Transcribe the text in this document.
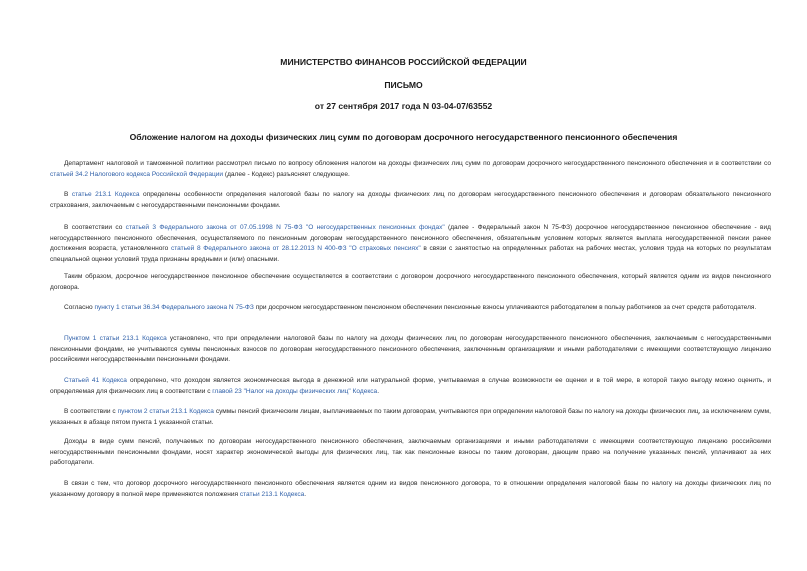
МИНИСТЕРСТВО ФИНАНСОВ РОССИЙСКОЙ ФЕДЕРАЦИИ
ПИСЬМО
от 27 сентября 2017 года N 03-04-07/63552
Обложение налогом на доходы физических лиц сумм по договорам досрочного негосударственного пенсионного обеспечения

Департамент налоговой и таможенной политики рассмотрел письмо по вопросу обложения налогом на доходы физических лиц сумм по договорам досрочного негосударственного пенсионного обеспечения и в соответствии со статьей 34.2 Налогового кодекса Российской Федерации (далее - Кодекс) разъясняет следующее.

В статье 213.1 Кодекса определены особенности определения налоговой базы по налогу на доходы физических лиц по договорам негосударственного пенсионного обеспечения и договорам обязательного пенсионного страхования, заключаемым с негосударственными пенсионными фондами.

В соответствии со статьей 3 Федерального закона от 07.05.1998 N 75-ФЗ "О негосударственных пенсионных фондах" (далее - Федеральный закон N 75-ФЗ) досрочное негосударственное пенсионное обеспечение - вид негосударственного пенсионного обеспечения, осуществляемого по пенсионным договорам негосударственного пенсионного обеспечения, обязательным условием которых является выплата негосударственной пенсии ранее достижения возраста, установленного статьей 8 Федерального закона от 28.12.2013 N 400-ФЗ "О страховых пенсиях" в связи с занятостью на определенных работах на рабочих местах, условия труда на которых по результатам специальной оценки условий труда признаны вредными и (или) опасными.

Таким образом, досрочное негосударственное пенсионное обеспечение осуществляется в соответствии с договором досрочного негосударственного пенсионного обеспечения, который является одним из видов пенсионного договора.

Согласно пункту 1 статьи 36.34 Федерального закона N 75-ФЗ при досрочном негосударственном пенсионном обеспечении пенсионные взносы уплачиваются работодателем в пользу работников за счет средств работодателя.

Пунктом 1 статьи 213.1 Кодекса установлено, что при определении налоговой базы по налогу на доходы физических лиц по договорам негосударственного пенсионного обеспечения, заключаемым с негосударственными пенсионными фондами, не учитываются суммы пенсионных взносов по договорам негосударственного пенсионного обеспечения, заключенным организациями и иными работодателями с имеющими соответствующую лицензию российскими негосударственными пенсионными фондами.

Статьей 41 Кодекса определено, что доходом является экономическая выгода в денежной или натуральной форме, учитываемая в случае возможности ее оценки и в той мере, в которой такую выгоду можно оценить, и определяемая для физических лиц в соответствии с главой 23 "Налог на доходы физических лиц" Кодекса.

В соответствии с пунктом 2 статьи 213.1 Кодекса суммы пенсий физическим лицам, выплачиваемых по таким договорам, учитываются при определении налоговой базы по налогу на доходы физических лиц, за исключением сумм, указанных в абзаце пятом пункта 1 указанной статьи.

Доходы в виде сумм пенсий, получаемых по договорам негосударственного пенсионного обеспечения, заключаемым организациями и иными работодателями с имеющими соответствующую лицензию российскими негосударственными пенсионными фондами, носят характер экономической выгоды для физических лиц, так как пенсионные взносы по таким договорам, дающим право на получение указанных пенсий, уплачивают за них работодатели.

В связи с тем, что договор досрочного негосударственного пенсионного обеспечения является одним из видов пенсионного договора, то в отношении определения налоговой базы по налогу на доходы физических лиц по указанному договору в полной мере применяются положения статьи 213.1 Кодекса.
